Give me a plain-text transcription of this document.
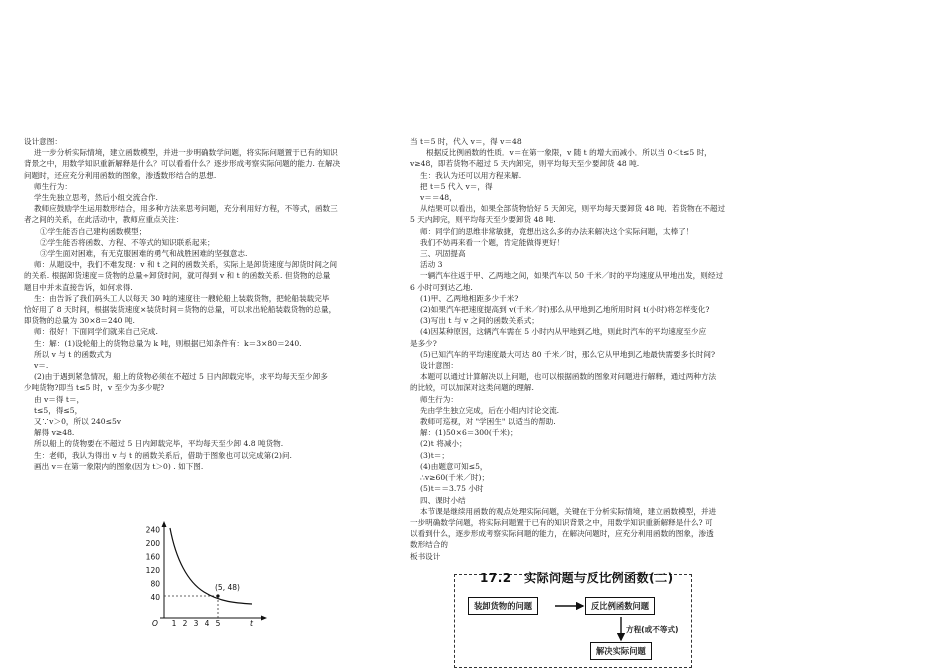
设计意图：

进一步分析实际情境，建立函数模型，并进一步明确数学问题，将实际问题置于已有的知识

背景之中，用数学知识重新解释是什么？可以看看什么？逐步形成考察实际问题的能力. 在解决

问题时，还应充分利用函数的图象，渗透数形结合的思想.

师生行为：

学生先独立思考，然后小组交流合作.

教师应鼓励学生运用数形结合，用多种方法来思考问题，充分利用好方程，不等式，函数三

者之间的关系，在此活动中，教师应重点关注：

①学生能否自己建构函数模型；

②学生能否将函数、方程、不等式的知识联系起来；

③学生面对困难，有无克服困难的勇气和战胜困难的坚强意志.

师：从题设中，我们不难发现：v 和 t 之间的函数关系，实际上是卸货速度与卸货时间之间

的关系. 根据卸货速度＝货物的总量÷卸货时间，就可得到 v 和 t 的函数关系. 但货物的总量

题目中并未直接告诉，如何求得.

生：由告诉了我们码头工人以每天 30 吨的速度往一艘轮船上装载货物，把轮船装载完毕

恰好用了 8 天时间，根据装货速度×装货时间＝货物的总量，可以求出轮船装载货物的总量，

即货物的总量为 30×8＝240 吨.

师：很好！下面同学们就来自己完成.

生：解：(1)设轮船上的货物总量为 k 吨，则根据已知条件有：k＝3×80＝240.

所以 v 与 t 的函数式为

v＝.

(2)由于遇到紧急情况，船上的货物必须在不超过 5 日内卸载完毕，求平均每天至少卸多

少吨货物?即当 t≤5 时，v 至少为多少呢?

由 v＝得 t＝，

t≤5，得≤5，

又∵v＞0，所以 240≤5v

解得 v≥48.

所以船上的货物要在不超过 5 日内卸载完毕，平均每天至少卸 4.8 吨货物.

生：老师，我认为得出 v 与 t 的函数关系后，借助于图象也可以完成第(2)问.

画出 v＝在第一象限内的图象(因为 t＞0) . 如下图.

240
200
160
120
80
40
1 2 3 4 5
O	t
(5, 48)

当 t＝5 时，代入 v＝，得 v＝48

根据反比例函数的性质．v＝在第一象限，v 随 t 的增大而减小．所以当 0＜t≤5 时，

v≥48，即若货物不超过 5 天内卸完，则平均每天至少要卸货 48 吨.

生：我认为还可以用方程来解.

把 t＝5 代入 v＝，得

v＝＝48，

从结果可以看出，如果全部货物恰好 5 天卸完，则平均每天要卸货 48 吨．若货物在不超过

5 天内卸完，则平均每天至少要卸货 48 吨.

师：同学们的思维非常敏捷，竟想出这么多的办法来解决这个实际问题，太棒了！

我们不妨再来看一个题，肯定能做得更好！

三、巩固提高

活动 3

一辆汽车往返于甲、乙两地之间，如果汽车以 50 千米／时的平均速度从甲地出发，则经过

6 小时可到达乙地.

(1)甲、乙两地相距多少千米?

(2)如果汽车把速度提高到 v(千米／时)那么从甲地到乙地所用时间 t(小时)将怎样变化?

(3)写出 t 与 v 之间的函数关系式；

(4)因某种原因，这辆汽车需在 5 小时内从甲地到乙地，则此时汽车的平均速度至少应

是多少?

(5)已知汽车的平均速度最大可达 80 千米／时，那么它从甲地到乙地最快需要多长时间?

设计意图：

本题可以通过计算解决以上问题，也可以根据函数的图象对问题进行解释，通过两种方法

的比较，可以加深对这类问题的理解.

师生行为：

先由学生独立完成，后在小组内讨论交流.

教师可巡视，对 "学困生" 以适当的帮助.

解：(1)50×6＝300(千米)；

(2)t 将减小；

(3)t＝；

(4)由题意可知≤5，

∴v≥60(千米／时)；

(5)t＝＝3.75 小时

四、课时小结

本节课是继续用函数的观点处理实际问题，关键在于分析实际情境，建立函数模型，并进

一步明确数学问题，将实际问题置于已有的知识背景之中，用数学知识重新解释是什么? 可

以看到什么，逐步形成考察实际问题的能力，在解决问题时，应充分利用函数的图象，渗透

数形结合的

板书设计

17.2　实际问题与反比例函数(二)
装卸货物的问题	反比例函数问题
方程(或不等式)
解决实际问题
